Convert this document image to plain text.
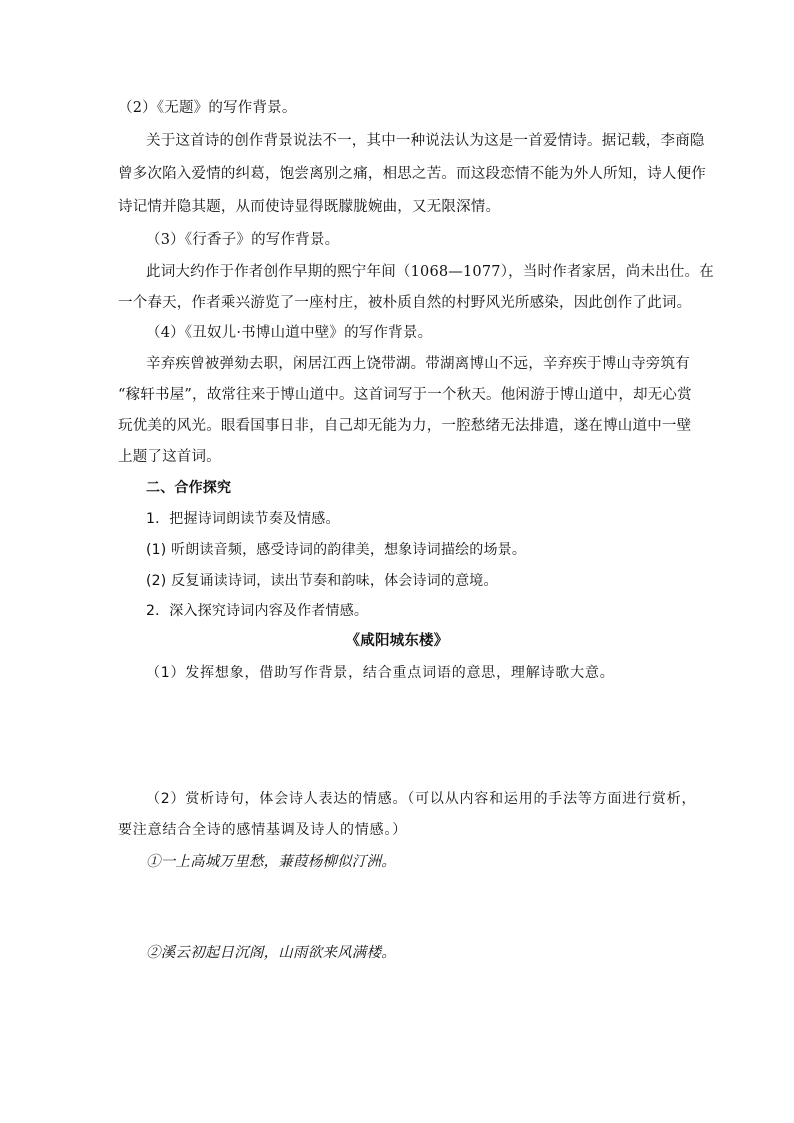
（2）《无题》的写作背景。
关于这首诗的创作背景说法不一，其中一种说法认为这是一首爱情诗。据记载，李商隐
曾多次陷入爱情的纠葛，饱尝离别之痛，相思之苦。而这段恋情不能为外人所知，诗人便作
诗记情并隐其题，从而使诗显得既朦胧婉曲，又无限深情。
（3）《行香子》的写作背景。
此词大约作于作者创作早期的熙宁年间（1068—1077），当时作者家居，尚未出仕。在
一个春天，作者乘兴游览了一座村庄，被朴质自然的村野风光所感染，因此创作了此词。
（4）《丑奴儿·书博山道中壁》的写作背景。
辛弃疾曾被弹劾去职，闲居江西上饶带湖。带湖离博山不远，辛弃疾于博山寺旁筑有
“稼轩书屋”，故常往来于博山道中。这首词写于一个秋天。他闲游于博山道中，却无心赏
玩优美的风光。眼看国事日非，自己却无能为力，一腔愁绪无法排遣，遂在博山道中一壁
上题了这首词。
二、合作探究
1．把握诗词朗读节奏及情感。
(1) 听朗读音频，感受诗词的韵律美，想象诗词描绘的场景。
(2) 反复诵读诗词，读出节奏和韵味，体会诗词的意境。
2．深入探究诗词内容及作者情感。
《咸阳城东楼》
（1）发挥想象，借助写作背景，结合重点词语的意思，理解诗歌大意。
（2）赏析诗句，体会诗人表达的情感。（可以从内容和运用的手法等方面进行赏析，
要注意结合全诗的感情基调及诗人的情感。）
①一上高城万里愁，蒹葭杨柳似汀洲。
②溪云初起日沉阁，山雨欲来风满楼。
